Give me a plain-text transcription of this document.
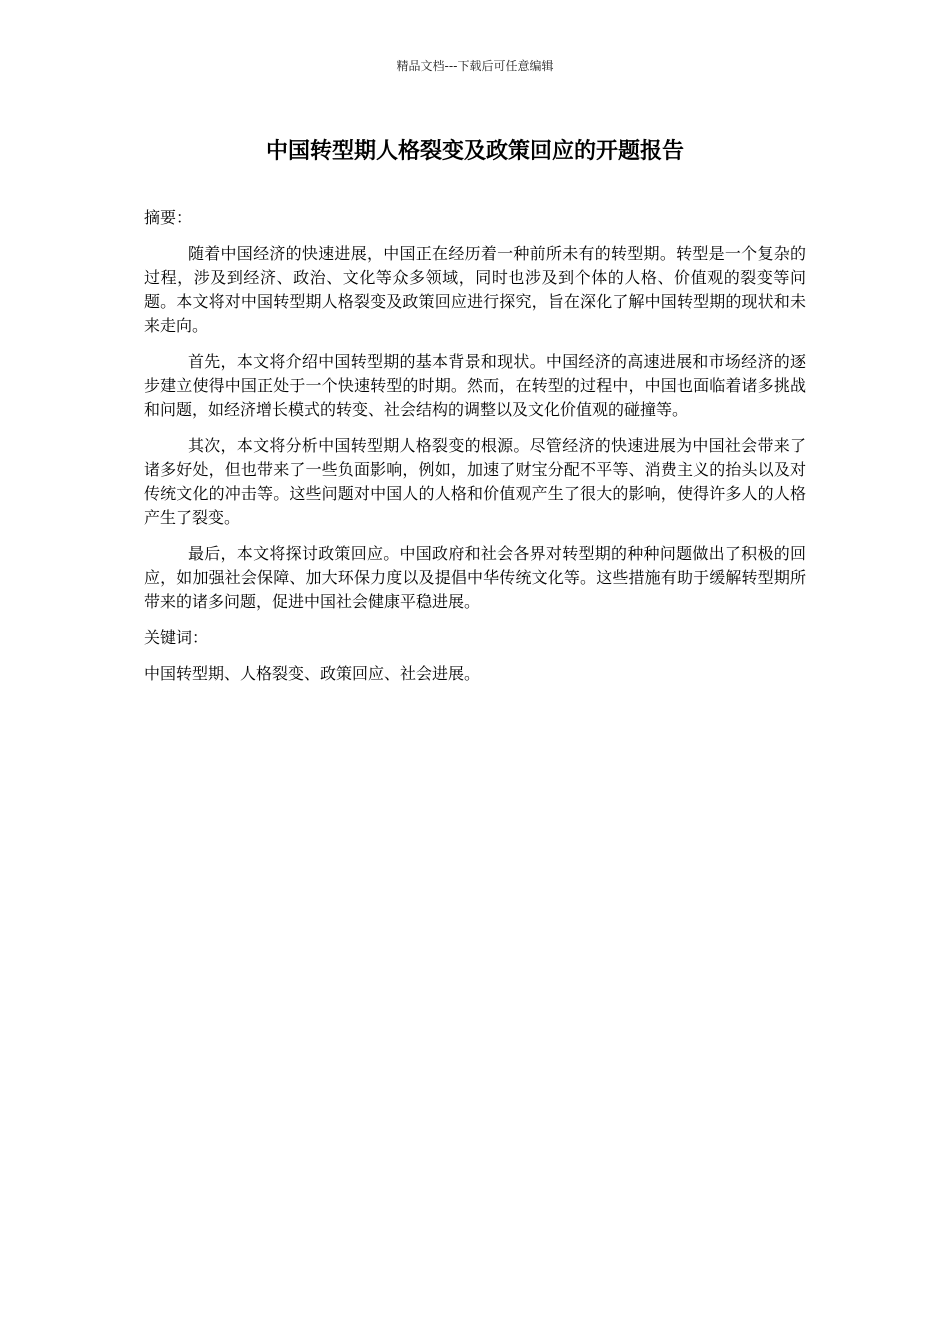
精品文档---下载后可任意编辑
中国转型期人格裂变及政策回应的开题报告

摘要：

随着中国经济的快速进展，中国正在经历着一种前所未有的转型期。转型是一个复杂的过程，涉及到经济、政治、文化等众多领域，同时也涉及到个体的人格、价值观的裂变等问题。本文将对中国转型期人格裂变及政策回应进行探究，旨在深化了解中国转型期的现状和未来走向。

首先，本文将介绍中国转型期的基本背景和现状。中国经济的高速进展和市场经济的逐步建立使得中国正处于一个快速转型的时期。然而，在转型的过程中，中国也面临着诸多挑战和问题，如经济增长模式的转变、社会结构的调整以及文化价值观的碰撞等。

其次，本文将分析中国转型期人格裂变的根源。尽管经济的快速进展为中国社会带来了诸多好处，但也带来了一些负面影响，例如，加速了财宝分配不平等、消费主义的抬头以及对传统文化的冲击等。这些问题对中国人的人格和价值观产生了很大的影响，使得许多人的人格产生了裂变。

最后，本文将探讨政策回应。中国政府和社会各界对转型期的种种问题做出了积极的回应，如加强社会保障、加大环保力度以及提倡中华传统文化等。这些措施有助于缓解转型期所带来的诸多问题，促进中国社会健康平稳进展。

关键词：

中国转型期、人格裂变、政策回应、社会进展。
